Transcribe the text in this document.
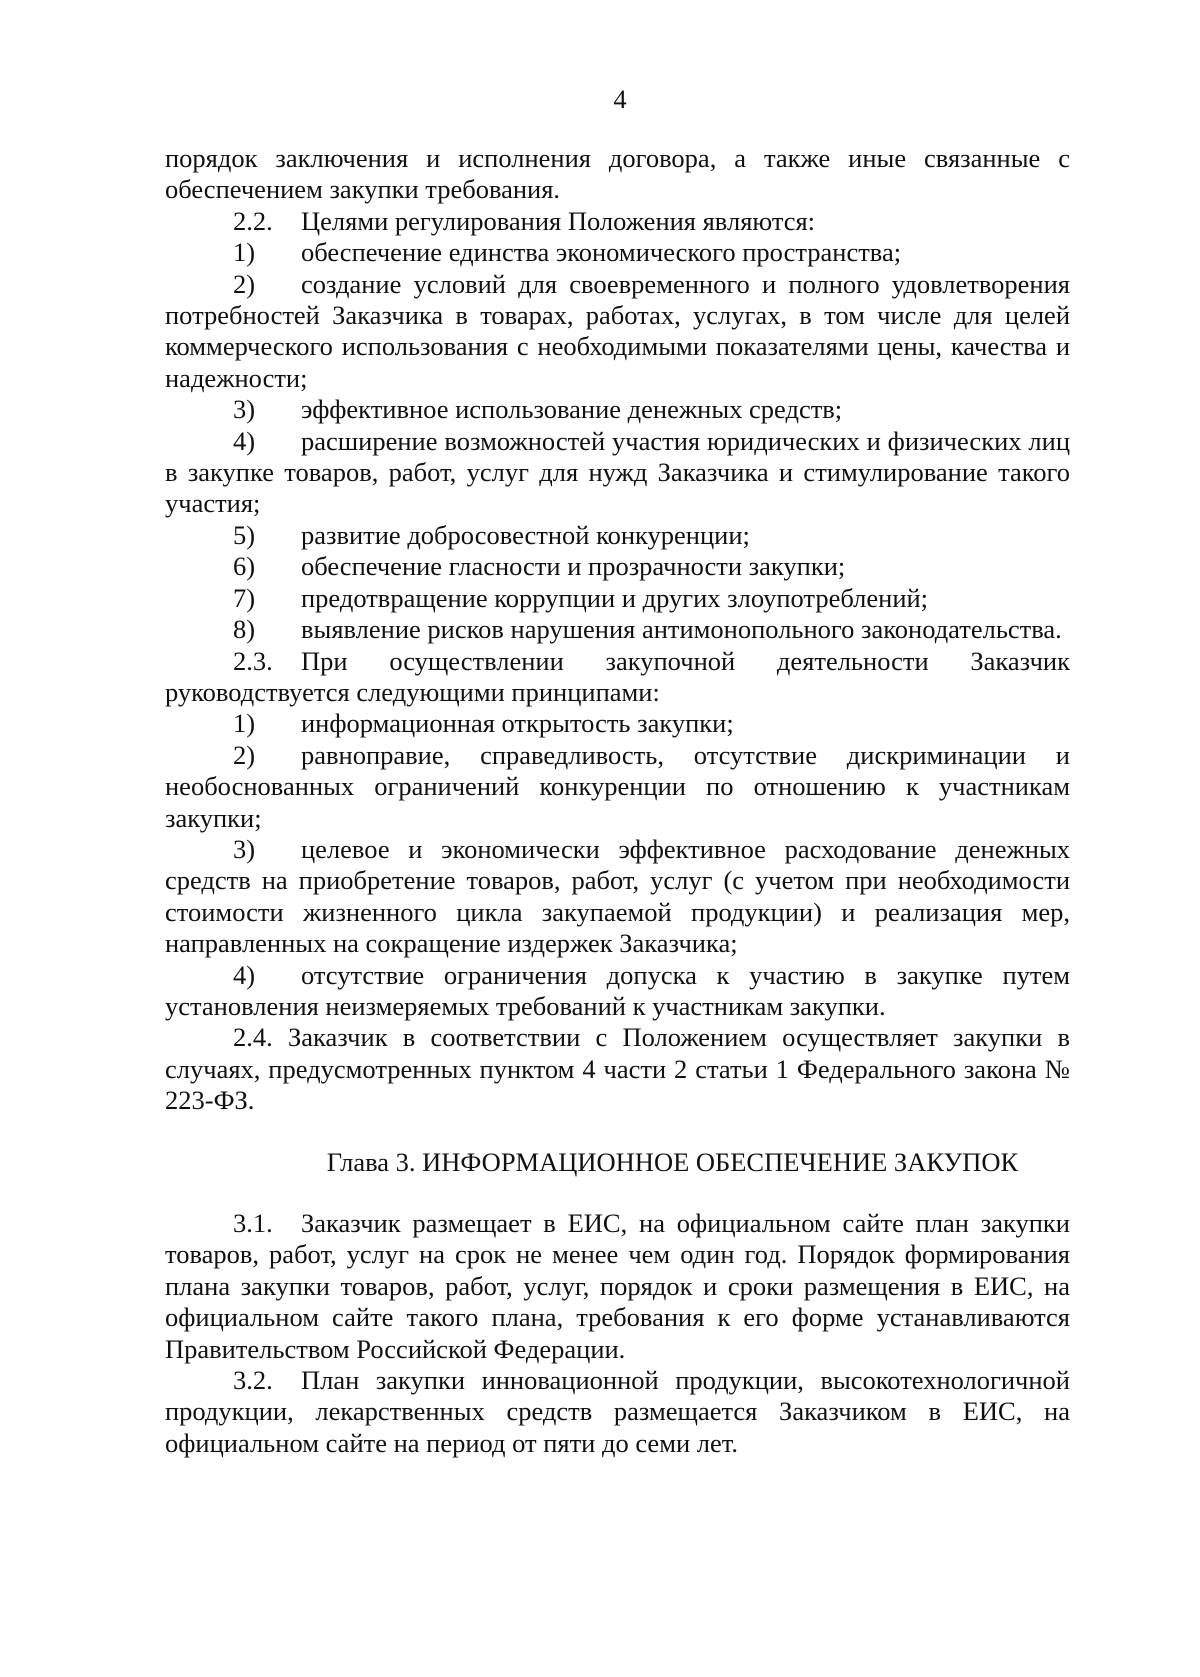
4

порядок заключения и исполнения договора, а также иные связанные с обеспечением закупки требования.

2.2. Целями регулирования Положения являются:

1) обеспечение единства экономического пространства;

2) создание условий для своевременного и полного удовлетворения потребностей Заказчика в товарах, работах, услугах, в том числе для целей коммерческого использования с необходимыми показателями цены, качества и надежности;

3) эффективное использование денежных средств;

4) расширение возможностей участия юридических и физических лиц в закупке товаров, работ, услуг для нужд Заказчика и стимулирование такого участия;

5) развитие добросовестной конкуренции;

6) обеспечение гласности и прозрачности закупки;

7) предотвращение коррупции и других злоупотреблений;

8) выявление рисков нарушения антимонопольного законодательства.

2.3. При осуществлении закупочной деятельности Заказчик руководствуется следующими принципами:

1) информационная открытость закупки;

2) равноправие, справедливость, отсутствие дискриминации и необоснованных ограничений конкуренции по отношению к участникам закупки;

3) целевое и экономически эффективное расходование денежных средств на приобретение товаров, работ, услуг (с учетом при необходимости стоимости жизненного цикла закупаемой продукции) и реализация мер, направленных на сокращение издержек Заказчика;

4) отсутствие ограничения допуска к участию в закупке путем установления неизмеряемых требований к участникам закупки.

2.4. Заказчик в соответствии с Положением осуществляет закупки в случаях, предусмотренных пунктом 4 части 2 статьи 1 Федерального закона № 223-ФЗ.

Глава 3. ИНФОРМАЦИОННОЕ ОБЕСПЕЧЕНИЕ ЗАКУПОК

3.1. Заказчик размещает в ЕИС, на официальном сайте план закупки товаров, работ, услуг на срок не менее чем один год. Порядок формирования плана закупки товаров, работ, услуг, порядок и сроки размещения в ЕИС, на официальном сайте такого плана, требования к его форме устанавливаются Правительством Российской Федерации.

3.2. План закупки инновационной продукции, высокотехнологичной продукции, лекарственных средств размещается Заказчиком в ЕИС, на официальном сайте на период от пяти до семи лет.
